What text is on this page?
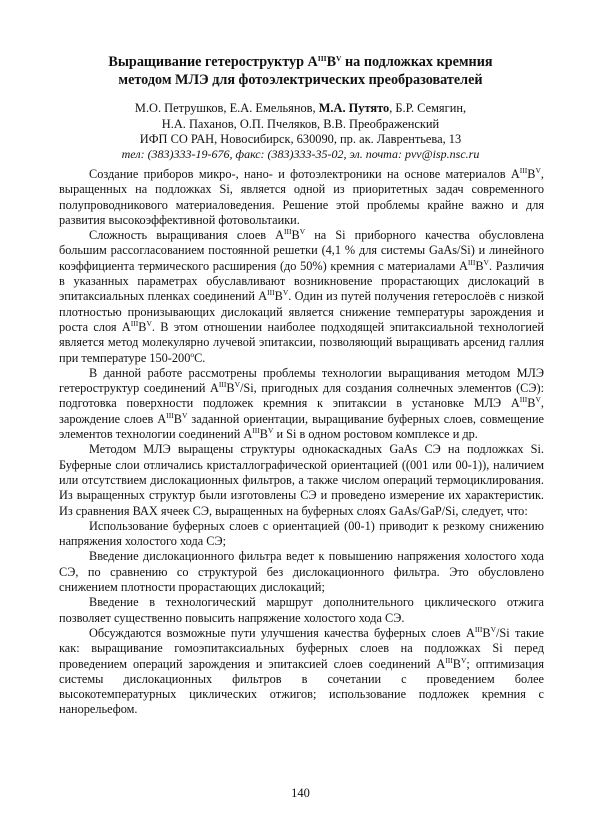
Выращивание гетероструктур $A^{III}B^V$ на подложках кремния
методом МЛЭ для фотоэлектрических преобразователей
М.О. Петрушков, Е.А. Емельянов, М.А. Путято, Б.Р. Семягин,
Н.А. Паханов, О.П. Пчеляков, В.В. Преображенский
ИФП СО РАН, Новосибирск, 630090, пр. ак. Лаврентьева, 13
тел: (383)333-19-676, факс: (383)333-35-02, эл. почта: pvv@isp.nsc.ru

Создание приборов микро-, нано- и фотоэлектроники на основе материалов $A^{III}B^V$, выращенных на подложках Si, является одной из приоритетных задач современного полупроводникового материаловедения. Решение этой проблемы крайне важно и для развития высокоэффективной фотовольтаики.

Сложность выращивания слоев $A^{III}B^V$ на Si приборного качества обусловлена большим рассогласованием постоянной решетки (4,1 % для системы GaAs/Si) и линейного коэффициента термического расширения (до 50%) кремния с материалами $A^{III}B^V$. Различия в указанных параметрах обуславливают возникновение прорастающих дислокаций в эпитаксиальных пленках соединений $A^{III}B^V$. Один из путей получения гетерослоёв с низкой плотностью пронизывающих дислокаций является снижение температуры зарождения и роста слоя $A^{III}B^V$. В этом отношении наиболее подходящей эпитаксиальной технологией является метод молекулярно лучевой эпитаксии, позволяющий выращивать арсенид галлия при температуре 150-200$^o$С.

В данной работе рассмотрены проблемы технологии выращивания методом МЛЭ гетероструктур соединений $A^{III}B^V/Si$, пригодных для создания солнечных элементов (СЭ): подготовка поверхности подложек кремния к эпитаксии в установке МЛЭ $A^{III}B^V$, зарождение слоев $A^{III}B^V$ заданной ориентации, выращивание буферных слоев, совмещение элементов технологии соединений $A^{III}B^V$ и Si в одном ростовом комплексе и др.

Методом МЛЭ выращены структуры однокаскадных GaAs СЭ на подложках Si. Буферные слои отличались кристаллографической ориентацией ((001 или 00-1)), наличием или отсутствием дислокационных фильтров, а также числом операций термоциклирования. Из выращенных структур были изготовлены СЭ и проведено измерение их характеристик. Из сравнения ВАХ ячеек СЭ, выращенных на буферных слоях GaAs/GaP/Si, следует, что:

Использование буферных слоев с ориентацией (00-1) приводит к резкому снижению напряжения холостого хода СЭ;

Введение дислокационного фильтра ведет к повышению напряжения холостого хода СЭ, по сравнению со структурой без дислокационного фильтра. Это обусловлено снижением плотности прорастающих дислокаций;

Введение в технологический маршрут дополнительного циклического отжига позволяет существенно повысить напряжение холостого хода СЭ.

Обсуждаются возможные пути улучшения качества буферных слоев $A^{III}B^V/Si$ такие как: выращивание гомоэпитаксиальных буферных слоев на подложках Si перед проведением операций зарождения и эпитаксией слоев соединений $A^{III}B^V$; оптимизация системы дислокационных фильтров в сочетании с проведением более высокотемпературных циклических отжигов; использование подложек кремния с нанорельефом.

140
